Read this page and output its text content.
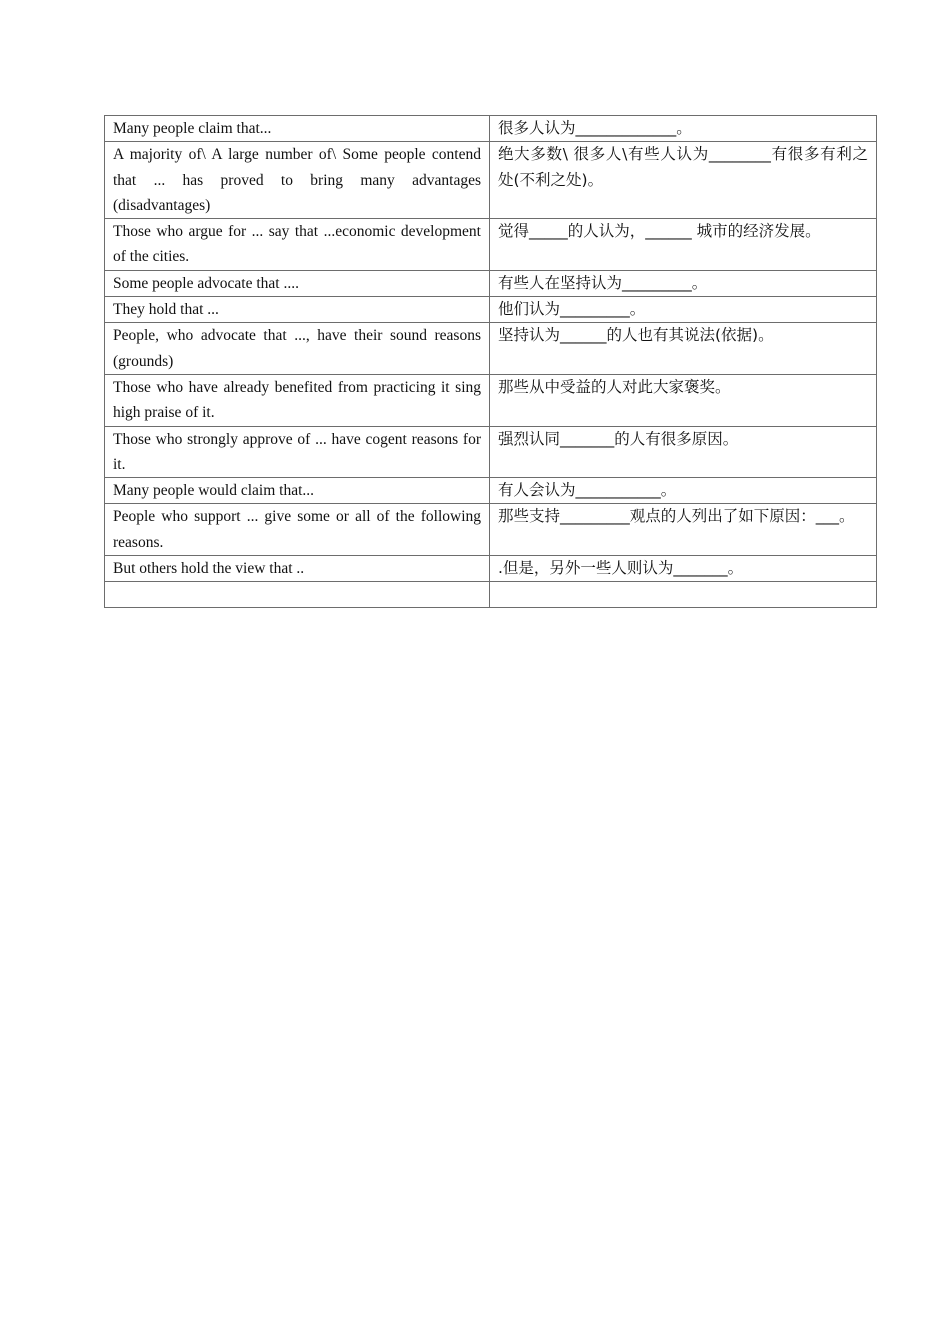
Many people claim that...	很多人认为_____________。
A majority of\ A large number of\ Some people contend that ... has proved to bring many advantages (disadvantages)	绝大多数\ 很多人\有些人认为________有很多有利之处(不利之处)。
Those who argue for ... say that ...economic development of the cities.	觉得_____的人认为，______ 城市的经济发展。
Some people advocate that ....	有些人在坚持认为_________。
They hold that ...	他们认为_________。
People, who advocate that ..., have their sound reasons (grounds)	坚持认为______的人也有其说法(依据)。
Those who have already benefited from practicing it sing high praise of it.	那些从中受益的人对此大家褒奖。
Those who strongly approve of ... have cogent reasons for it.	强烈认同_______的人有很多原因。
Many people would claim that...	有人会认为___________。
People who support ... give some or all of the following reasons.	那些支持_________观点的人列出了如下原因：___。
But others hold the view that ..	.但是，另外一些人则认为_______。
